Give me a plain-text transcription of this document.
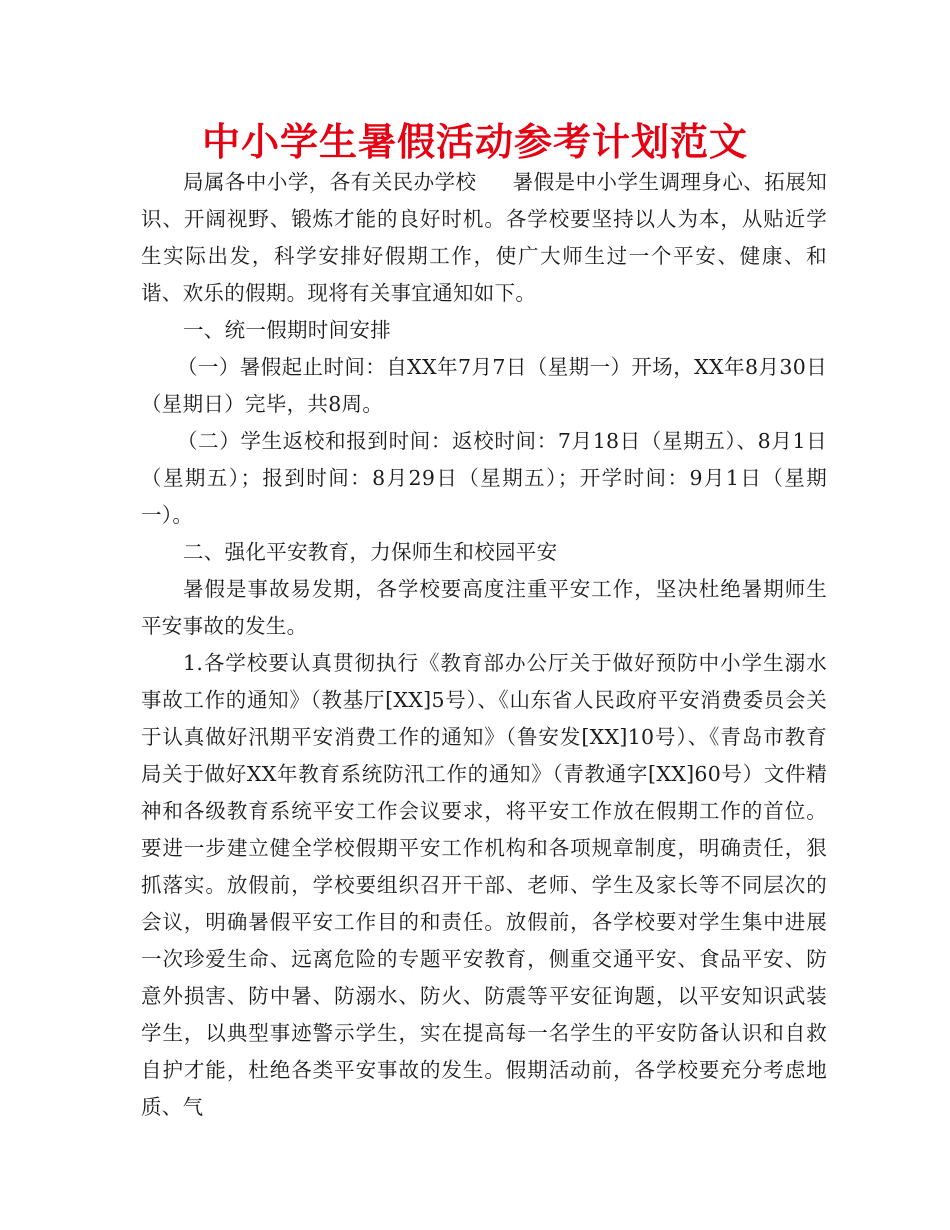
中小学生暑假活动参考计划范文

局属各中小学，各有关民办学校 暑假是中小学生调理身心、拓展知识、开阔视野、锻炼才能的良好时机。各学校要坚持以人为本，从贴近学生实际出发，科学安排好假期工作，使广大师生过一个平安、健康、和谐、欢乐的假期。现将有关事宜通知如下。

一、统一假期时间安排

（一）暑假起止时间：自XX年7月7日（星期一）开场，XX年8月30日（星期日）完毕，共8周。

（二）学生返校和报到时间：返校时间：7月18日（星期五）、8月1日（星期五）；报到时间：8月29日（星期五）；开学时间：9月1日（星期一）。

二、强化平安教育，力保师生和校园平安

暑假是事故易发期，各学校要高度注重平安工作，坚决杜绝暑期师生平安事故的发生。

1.各学校要认真贯彻执行《教育部办公厅关于做好预防中小学生溺水事故工作的通知》（教基厅[XX]5号）、《山东省人民政府平安消费委员会关于认真做好汛期平安消费工作的通知》（鲁安发[XX]10号）、《青岛市教育局关于做好XX年教育系统防汛工作的通知》（青教通字[XX]60号）文件精神和各级教育系统平安工作会议要求，将平安工作放在假期工作的首位。要进一步建立健全学校假期平安工作机构和各项规章制度，明确责任，狠抓落实。放假前，学校要组织召开干部、老师、学生及家长等不同层次的会议，明确暑假平安工作目的和责任。放假前，各学校要对学生集中进展一次珍爱生命、远离危险的专题平安教育，侧重交通平安、食品平安、防意外损害、防中暑、防溺水、防火、防震等平安征询题，以平安知识武装学生，以典型事迹警示学生，实在提高每一名学生的平安防备认识和自救自护才能，杜绝各类平安事故的发生。假期活动前，各学校要充分考虑地质、气
